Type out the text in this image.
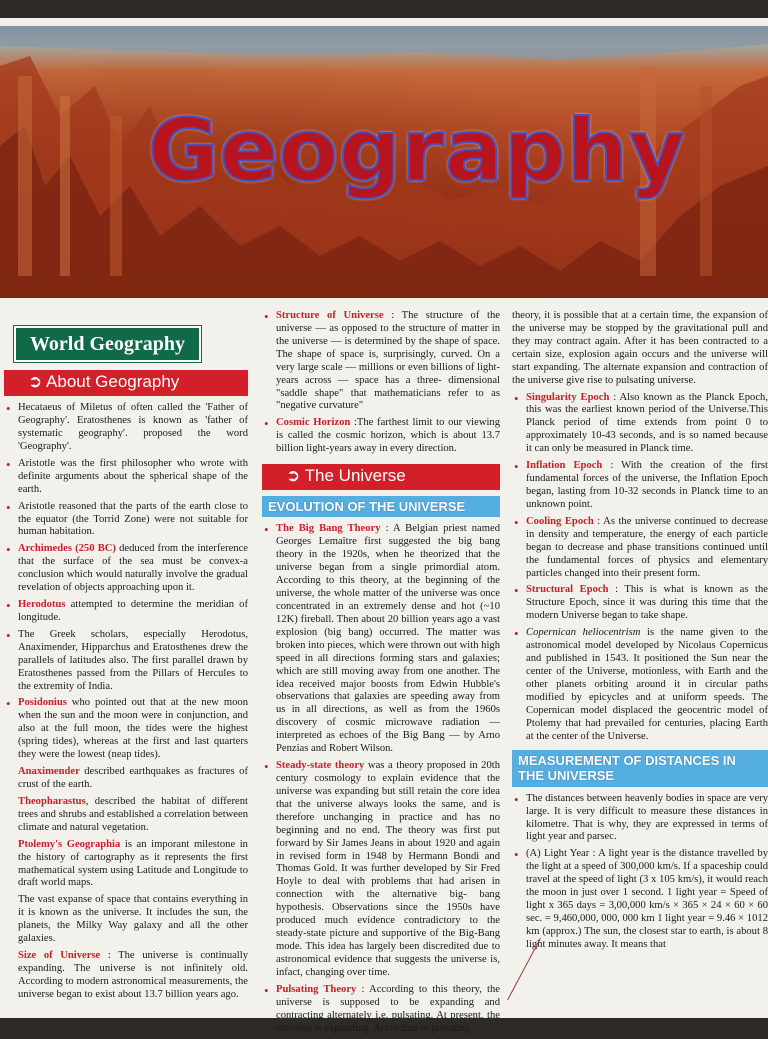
Geography
World Geography
➲ About Geography
• Hecataeus of Miletus of often called the 'Father of Geography'. Eratosthenes is known as 'father of systematic geography'. proposed the word 'Geography'.
• Aristotle was the first philosopher who wrote with definite arguments about the spherical shape of the earth.
• Aristotle reasoned that the parts of the earth close to the equator (the Torrid Zone) were not suitable for human habitation.
• Archimedes (250 BC) deduced from the interference that the surface of the sea must be convex-a conclusion which would naturally involve the gradual revelation of objects approaching upon it.
• Herodotus attempted to determine the meridian of longitude.
• The Greek scholars, especially Herodotus, Anaximender, Hipparchus and Eratosthenes drew the parallels of latitudes also. The first parallel drawn by Eratosthenes passed from the Pillars of Hercules to the extremity of India.
• Posidonius who pointed out that at the new moon when the sun and the moon were in conjunction, and also at the full moon, the tides were the highest (spring tides), whereas at the first and last quarters they were the lowest (neap tides).
Anaximender described earthquakes as fractures of crust of the earth.
Theopharastus, described the habitat of different trees and shrubs and established a correlation between climate and natural vegetation.
Ptolemy's Geographia is an imporant milestone in the history of cartography as it represents the first mathematical system using Latitude and Longitude to draft world maps.
The vast expanse of space that contains everything in it is known as the universe. It includes the sun, the planets, the Milky Way galaxy and all the other galaxies.
Size of Universe : The universe is continually expanding. The universe is not infinitely old. According to modern astronomical measurements, the universe began to exist about 13.7 billion years ago.
• Structure of Universe : The structure of the universe — as opposed to the structure of matter in the universe — is determined by the shape of space. The shape of space is, surprisingly, curved. On a very large scale — millions or even billions of light-years across — space has a three- dimensional "saddle shape" that mathematicians refer to as "negative curvature"
• Cosmic Horizon :The farthest limit to our viewing is called the cosmic horizon, which is about 13.7 billion light-years away in every direction.
➲ The Universe
EVOLUTION OF THE UNIVERSE
• The Big Bang Theory : A Belgian priest named Georges Lemaître first suggested the big bang theory in the 1920s, when he theorized that the universe began from a single primordial atom. According to this theory, at the beginning of the universe, the whole matter of the universe was once concentrated in an extremely dense and hot (~10 12K) fireball. Then about 20 billion years ago a vast explosion (big bang) occurred. The matter was broken into pieces, which were thrown out with high speed in all directions forming stars and galaxies; which are still moving away from one another. The idea received major boosts from Edwin Hubble's observations that galaxies are speeding away from us in all directions, as well as from the 1960s discovery of cosmic microwave radiation — interpreted as echoes of the Big Bang — by Arno Penzias and Robert Wilson.
• Steady-state theory was a theory proposed in 20th century cosmology to explain evidence that the universe was expanding but still retain the core idea that the universe always looks the same, and is therefore unchanging in practice and has no beginning and no end. The theory was first put forward by Sir James Jeans in about 1920 and again in revised form in 1948 by Hermann Bondi and Thomas Gold. It was further developed by Sir Fred Hoyle to deal with problems that had arisen in connection with the alternative big- bang hypothesis. Observations since the 1950s have produced much evidence contradictory to the steady-state picture and supportive of the Big-Bang mode. This idea has largely been discredited due to astronomical evidence that suggests the universe is, infact, changing over time.
• Pulsating Theory : According to this theory, the universe is supposed to be expanding and contracting alternately i.e. pulsating. At present, the universe is expanding. According to pulsating

theory, it is possible that at a certain time, the expansion of the universe may be stopped by the gravitational pull and they may contract again. After it has been contracted to a certain size, explosion again occurs and the universe will start expanding. The alternate expansion and contraction of the universe give rise to pulsating universe.

• Singularity Epoch : Also known as the Planck Epoch, this was the earliest known period of the Universe.This Planck period of time extends from point 0 to approximately 10-43 seconds, and is so named because it can only be measured in Planck time.
• Inflation Epoch : With the creation of the first fundamental forces of the universe, the Inflation Epoch began, lasting from 10-32 seconds in Planck time to an unknown point.
• Cooling Epoch : As the universe continued to decrease in density and temperature, the energy of each particle began to decrease and phase transitions continued until the fundamental forces of physics and elementary particles changed into their present form.
• Structural Epoch : This is what is known as the Structure Epoch, since it was during this time that the modern Universe began to take shape.
• Copernican heliocentrism is the name given to the astronomical model developed by Nicolaus Copernicus and published in 1543. It positioned the Sun near the center of the Universe, motionless, with Earth and the other planets orbiting around it in circular paths modified by epicycles and at uniform speeds. The Copernican model displaced the geocentric model of Ptolemy that had prevailed for centuries, placing Earth at the center of the Universe.
MEASUREMENT OF DISTANCES IN THE UNIVERSE
• The distances between heavenly bodies in space are very large. It is very difficult to measure these distances in kilometre. That is why, they are expressed in terms of light year and parsec.
• (A) Light Year : A light year is the distance travelled by the light at a speed of 300,000 km/s. If a spaceship could travel at the speed of light (3 x 105 km/s), it would reach the moon in just over 1 second. 1 light year = Speed of light x 365 days = 3,00,000 km/s × 365 × 24 × 60 × 60 sec. = 9,460,000, 000, 000 km 1 light year = 9.46 × 1012 km (approx.) The sun, the closest star to earth, is about 8 light minutes away. It means that
